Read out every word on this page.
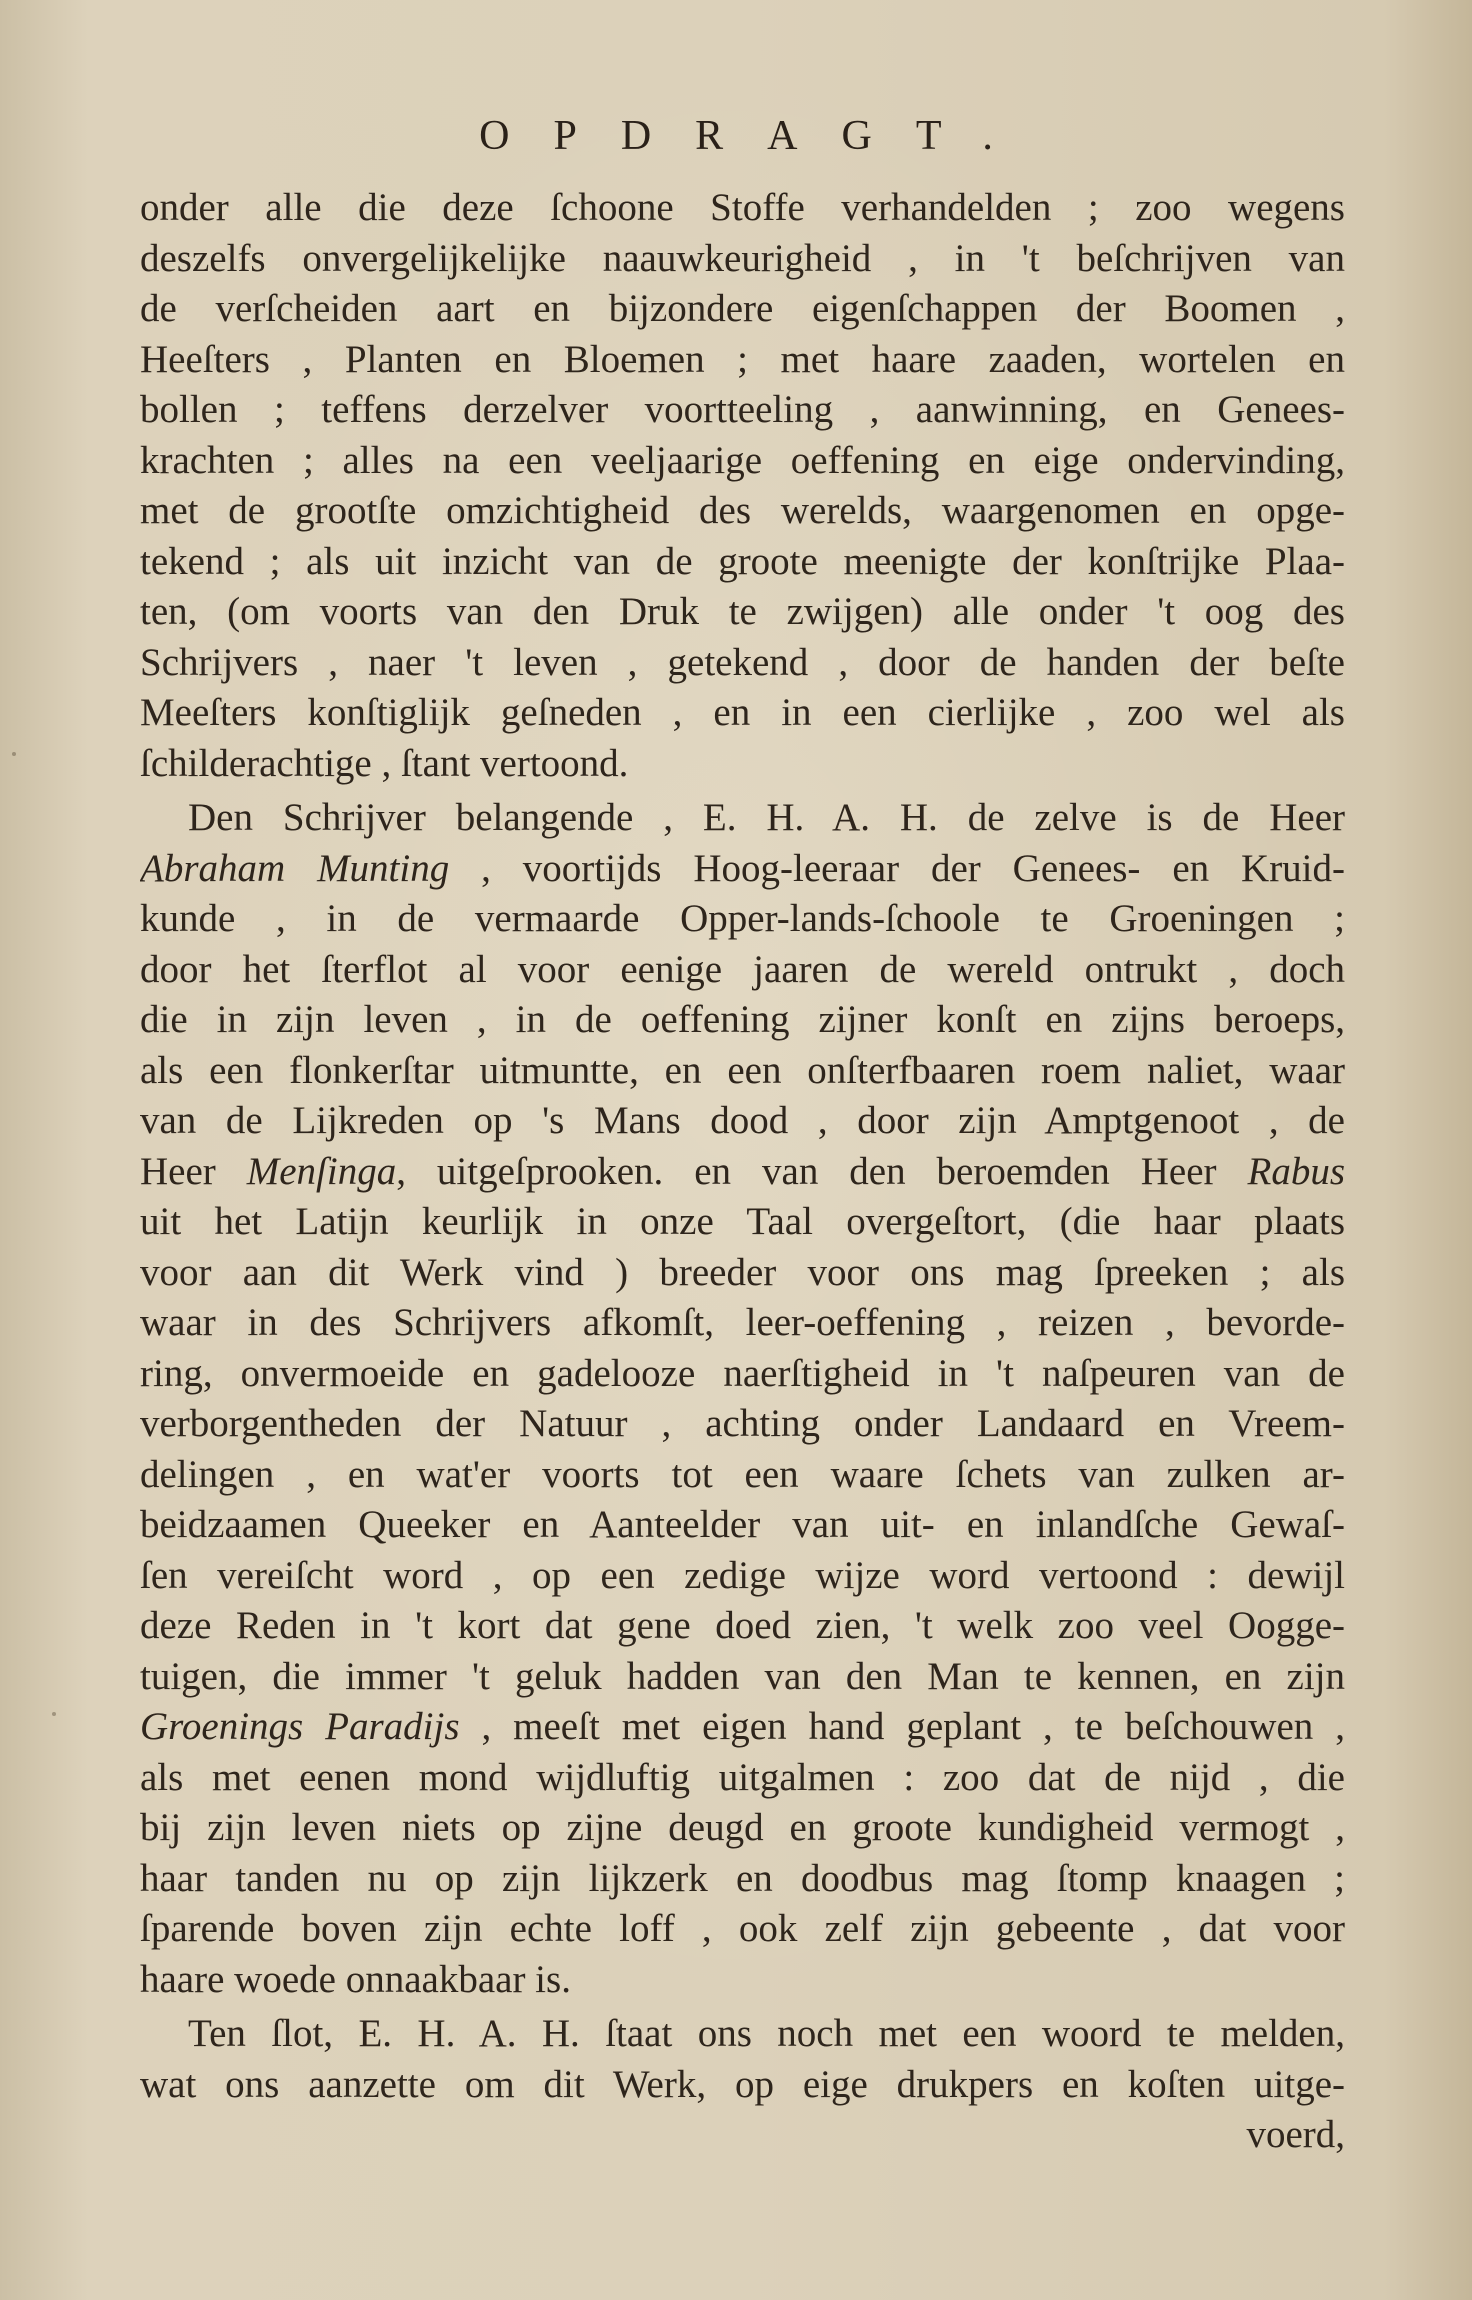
OPDRAGT.
onder alle die deze ſchoone Stoffe verhandelden ; zoo wegens
deszelfs onvergelijkelijke naauwkeurigheid , in 't beſchrijven van
de verſcheiden aart en bijzondere eigenſchappen der Boomen ,
Heeſters , Planten en Bloemen ; met haare zaaden, wortelen en
bollen ; teffens derzelver voortteeling , aanwinning, en Genees-
krachten ; alles na een veeljaarige oeffening en eige ondervinding,
met de grootſte omzichtigheid des werelds, waargenomen en opge-
tekend ; als uit inzicht van de groote meenigte der konſtrijke Plaa-
ten, (om voorts van den Druk te zwijgen) alle onder 't oog des
Schrijvers , naer 't leven , getekend , door de handen der beſte
Meeſters konſtiglijk geſneden , en in een cierlijke , zoo wel als
ſchilderachtige , ſtant vertoond.
Den Schrijver belangende , E. H. A. H. de zelve is de Heer
Abraham Munting , voortijds Hoog-leeraar der Genees- en Kruid-
kunde , in de vermaarde Opper-lands-ſchoole te Groeningen ;
door het ſterflot al voor eenige jaaren de wereld ontrukt , doch
die in zijn leven , in de oeffening zijner konſt en zijns beroeps,
als een flonkerſtar uitmuntte, en een onſterfbaaren roem naliet, waar
van de Lijkreden op 's Mans dood , door zijn Amptgenoot , de
Heer Menſinga, uitgeſprooken. en van den beroemden Heer Rabus
uit het Latijn keurlijk in onze Taal overgeſtort, (die haar plaats
voor aan dit Werk vind ) breeder voor ons mag ſpreeken ; als
waar in des Schrijvers afkomſt, leer-oeffening , reizen , bevorde-
ring, onvermoeide en gadelooze naerſtigheid in 't naſpeuren van de
verborgentheden der Natuur , achting onder Landaard en Vreem-
delingen , en wat'er voorts tot een waare ſchets van zulken ar-
beidzaamen Queeker en Aanteelder van uit- en inlandſche Gewaſ-
ſen vereiſcht word , op een zedige wijze word vertoond : dewijl
deze Reden in 't kort dat gene doed zien, 't welk zoo veel Oogge-
tuigen, die immer 't geluk hadden van den Man te kennen, en zijn
Groenings Paradijs , meeſt met eigen hand geplant , te beſchouwen ,
als met eenen mond wijdluftig uitgalmen : zoo dat de nijd , die
bij zijn leven niets op zijne deugd en groote kundigheid vermogt ,
haar tanden nu op zijn lijkzerk en doodbus mag ſtomp knaagen ;
ſparende boven zijn echte loff , ook zelf zijn gebeente , dat voor
haare woede onnaakbaar is.
Ten ſlot, E. H. A. H. ſtaat ons noch met een woord te melden,
wat ons aanzette om dit Werk, op eige drukpers en koſten uitge-
voerd,
